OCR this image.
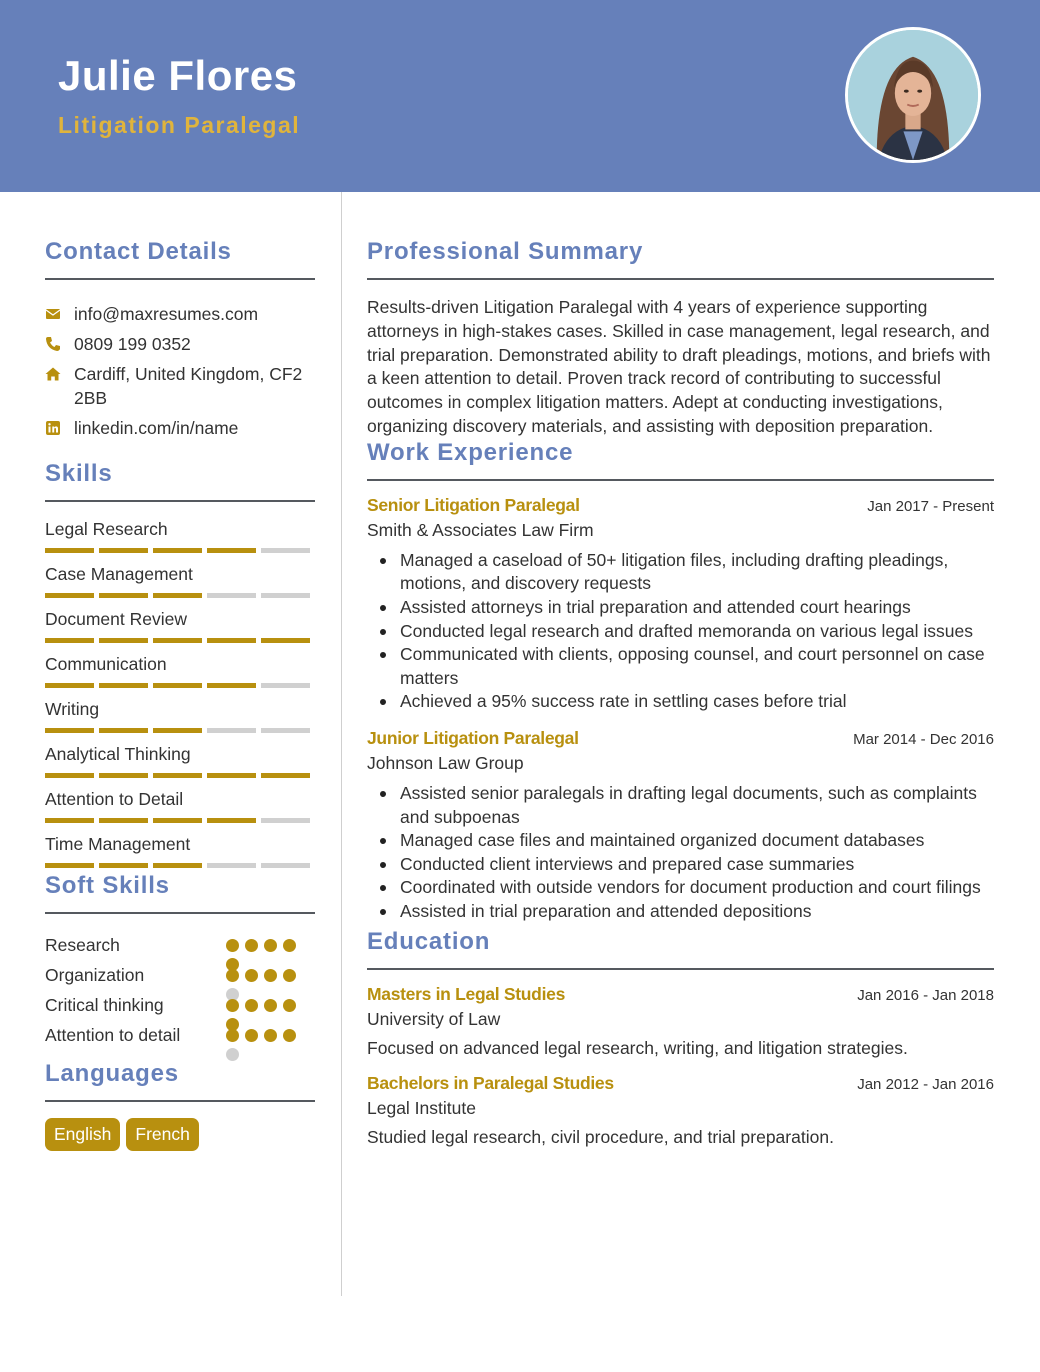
Julie Flores
Litigation Paralegal
Contact Details
info@maxresumes.com
0809 199 0352
Cardiff, United Kingdom, CF2 2BB
linkedin.com/in/name
Skills
Legal Research
Case Management
Document Review
Communication
Writing
Analytical Thinking
Attention to Detail
Time Management
Soft Skills
Research
Organization
Critical thinking
Attention to detail
Languages
English	French
Professional Summary

Results-driven Litigation Paralegal with 4 years of experience supporting attorneys in high-stakes cases. Skilled in case management, legal research, and trial preparation. Demonstrated ability to draft pleadings, motions, and briefs with a keen attention to detail. Proven track record of contributing to successful outcomes in complex litigation matters. Adept at conducting investigations, organizing discovery materials, and assisting with deposition preparation.

Work Experience
Senior Litigation Paralegal	Jan 2017 - Present
Smith & Associates Law Firm
Managed a caseload of 50+ litigation files, including drafting pleadings, motions, and discovery requests
Assisted attorneys in trial preparation and attended court hearings
Conducted legal research and drafted memoranda on various legal issues
Communicated with clients, opposing counsel, and court personnel on case matters
Achieved a 95% success rate in settling cases before trial
Junior Litigation Paralegal	Mar 2014 - Dec 2016
Johnson Law Group
Assisted senior paralegals in drafting legal documents, such as complaints and subpoenas
Managed case files and maintained organized document databases
Conducted client interviews and prepared case summaries
Coordinated with outside vendors for document production and court filings
Assisted in trial preparation and attended depositions
Education
Masters in Legal Studies	Jan 2016 - Jan 2018
University of Law
Focused on advanced legal research, writing, and litigation strategies.
Bachelors in Paralegal Studies	Jan 2012 - Jan 2016
Legal Institute
Studied legal research, civil procedure, and trial preparation.
